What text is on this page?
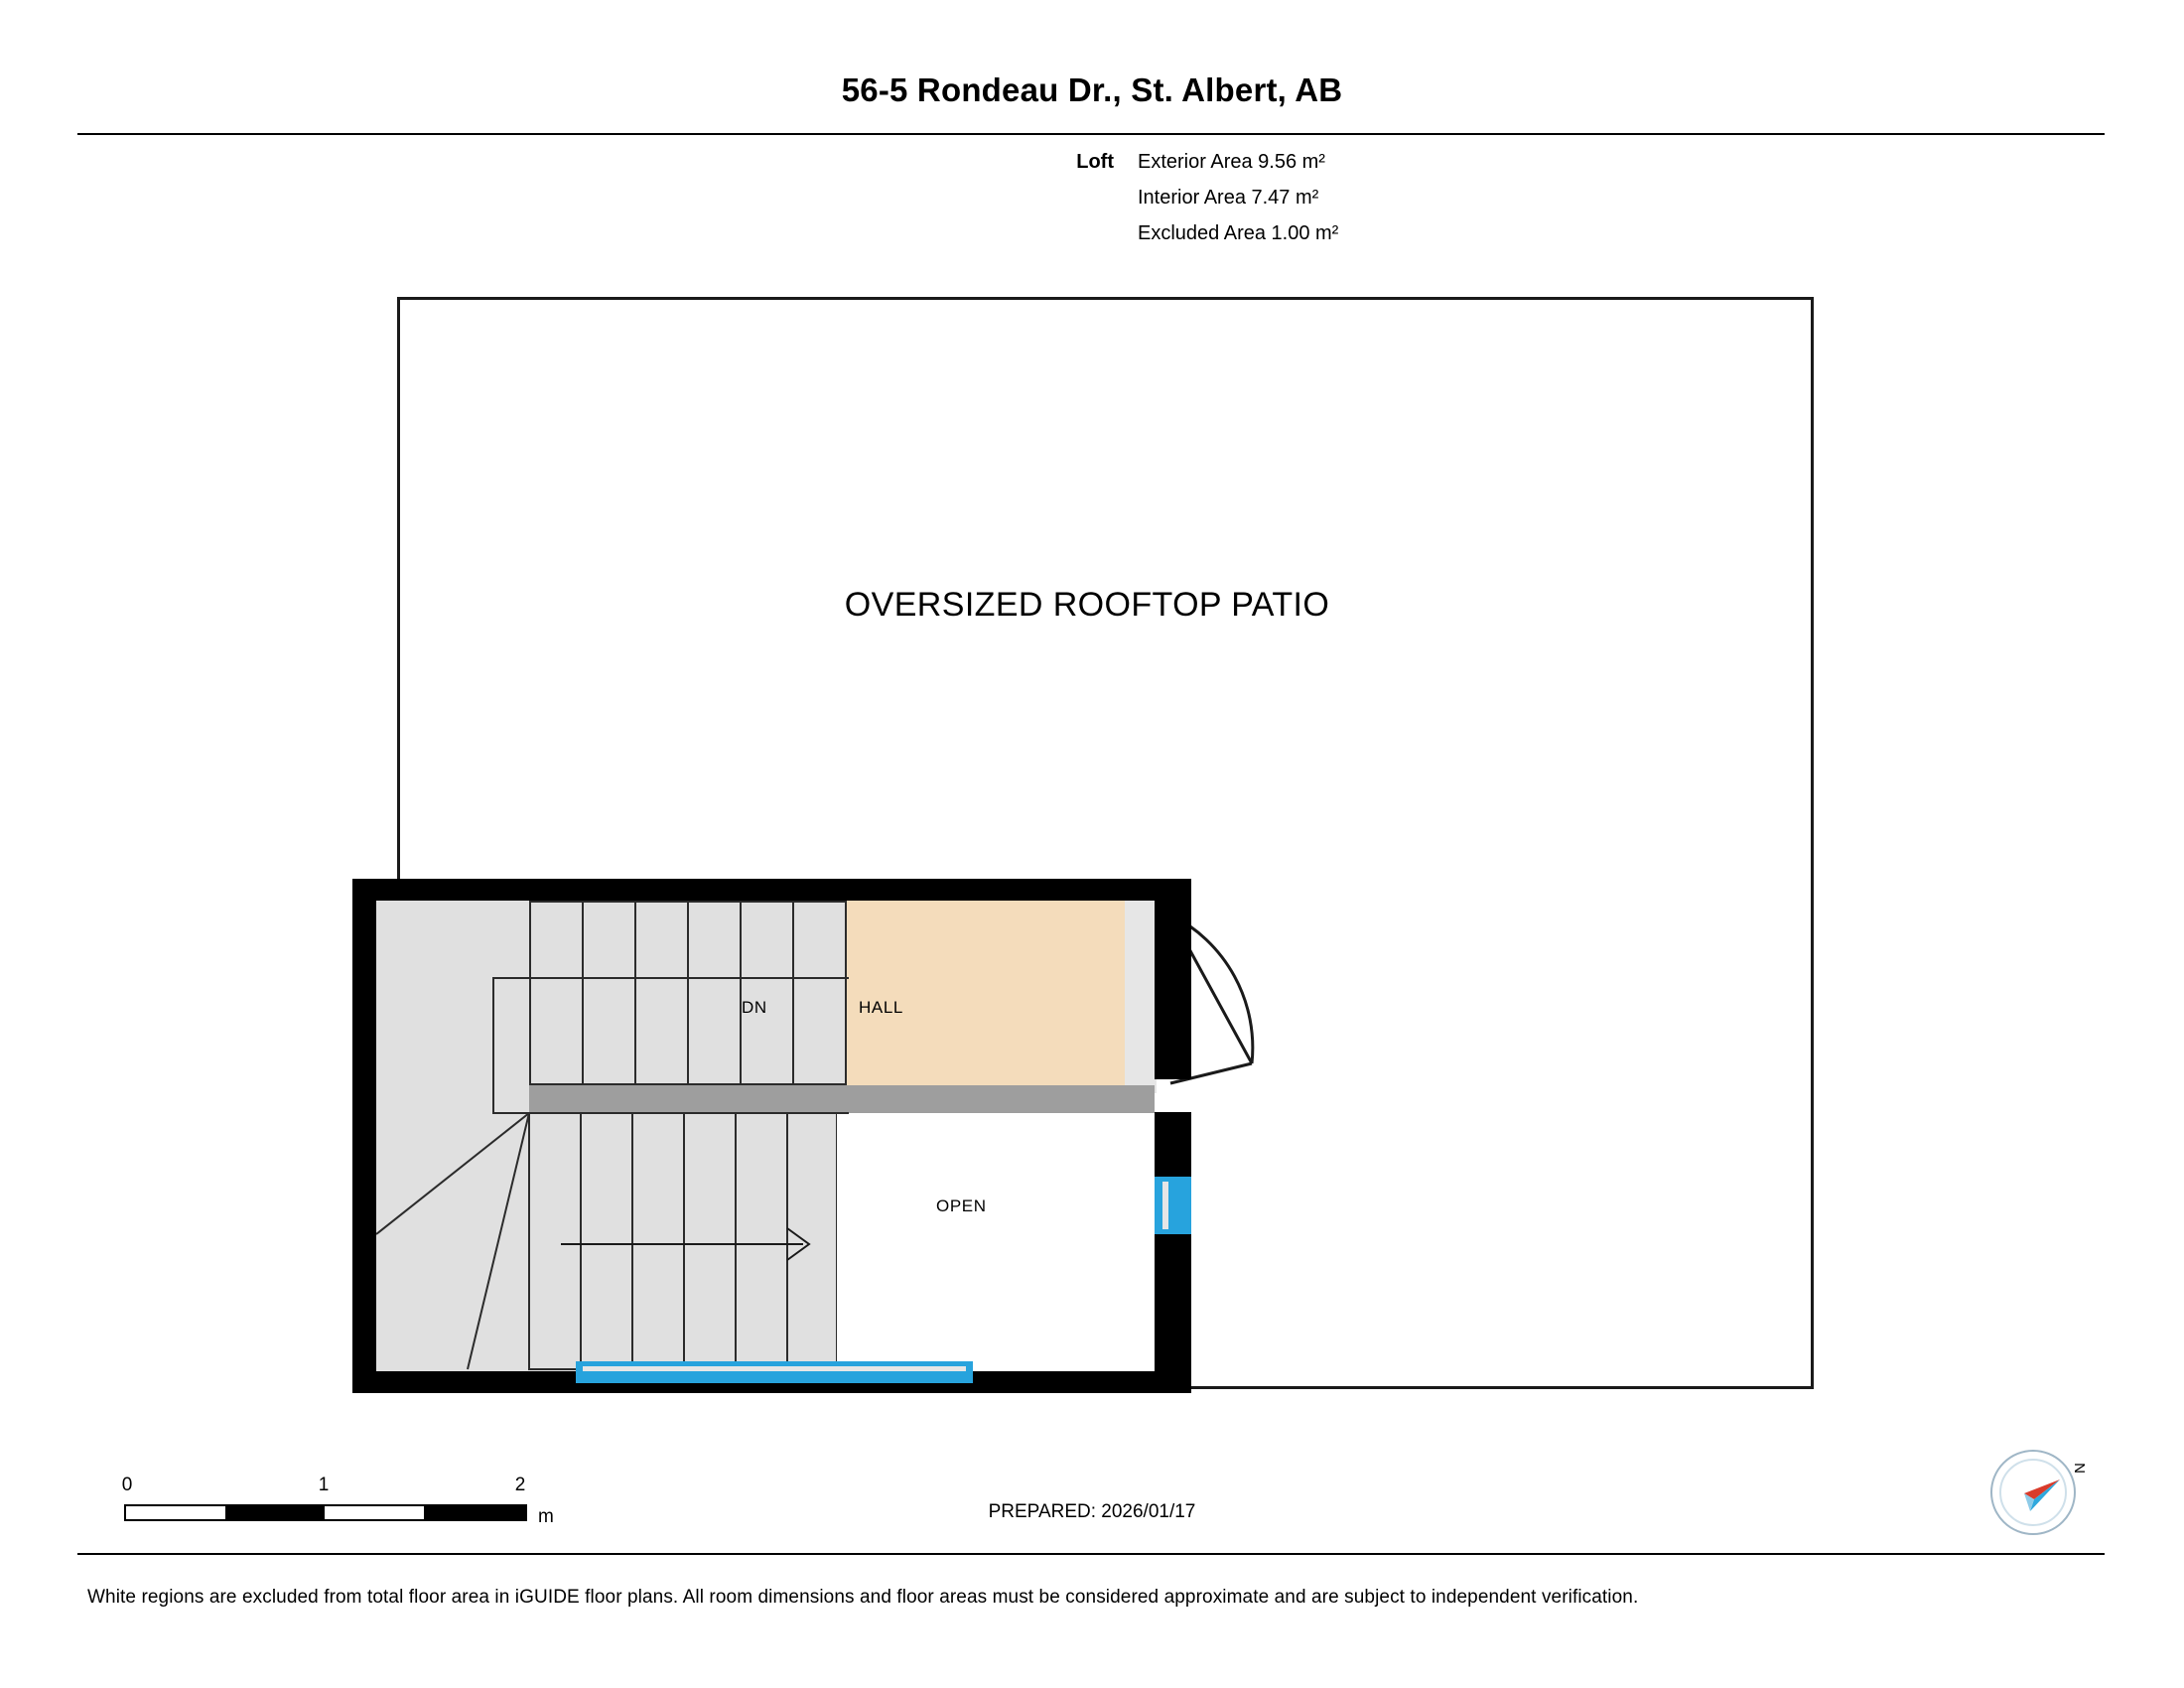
56-5 Rondeau Dr., St. Albert, AB
Loft Exterior Area 9.56 m²
Interior Area 7.47 m²
Excluded Area 1.00 m²
OVERSIZED ROOFTOP PATIO
DN	HALL
OPEN
0	1	2
m	PREPARED: 2026/01/17
N
White regions are excluded from total floor area in iGUIDE floor plans. All room dimensions and floor areas must be considered approximate and are subject to independent verification.
